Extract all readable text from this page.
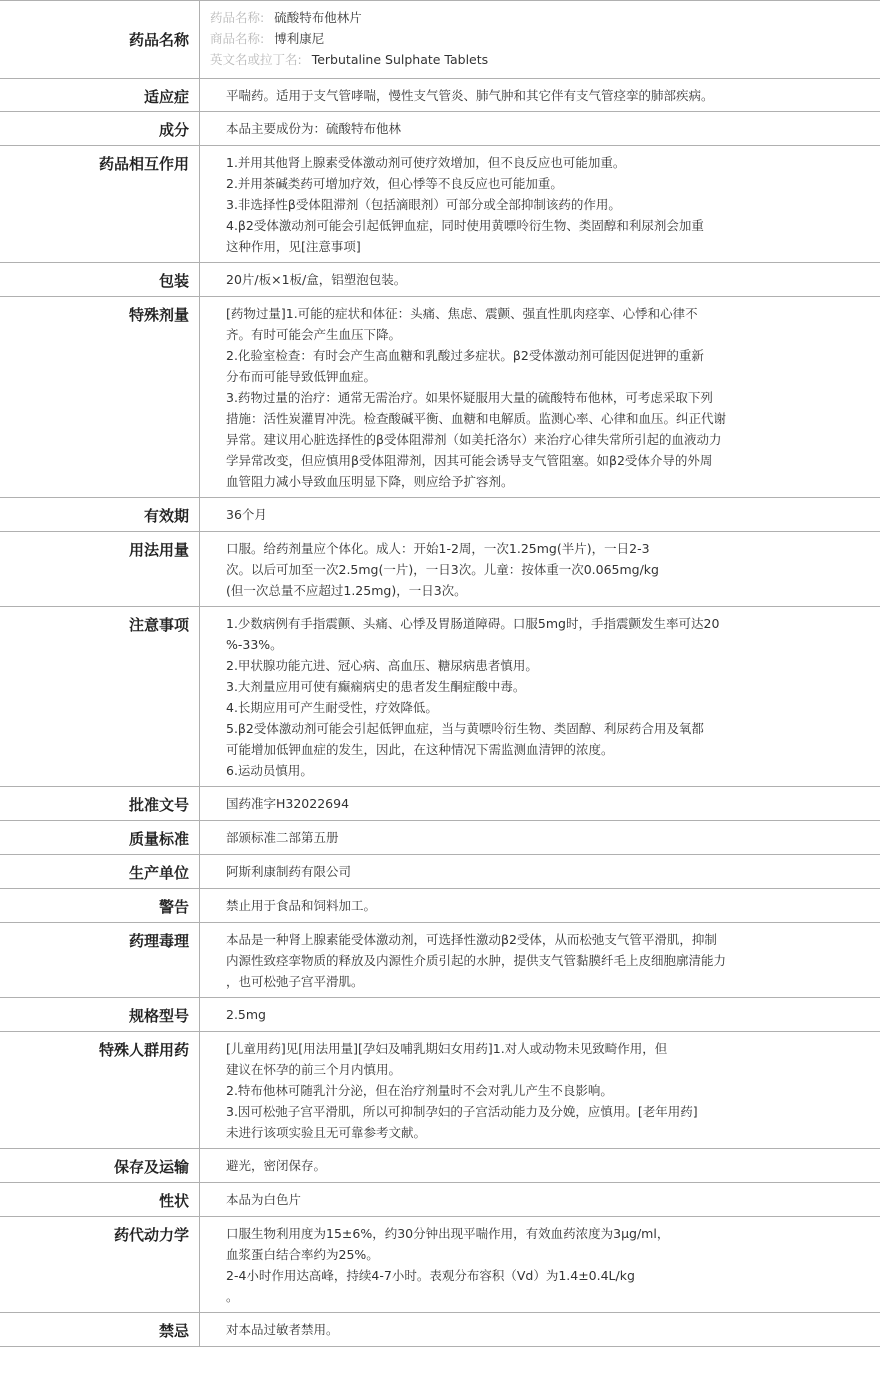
药品名称
药品名称: 硫酸特布他林片
商品名称: 博利康尼
英文名或拉丁名: Terbutaline Sulphate Tablets
适应症	平喘药。适用于支气管哮喘，慢性支气管炎、肺气肿和其它伴有支气管痉挛的肺部疾病。
成分	本品主要成份为：硫酸特布他林
药品相互作用	1.并用其他肾上腺素受体激动剂可使疗效增加，但不良反应也可能加重。
2.并用茶碱类药可增加疗效，但心悸等不良反应也可能加重。
3.非选择性β受体阻滞剂（包括滴眼剂）可部分或全部抑制该药的作用。
4.β2受体激动剂可能会引起低钾血症，同时使用黄嘌呤衍生物、类固醇和利尿剂会加重
这种作用，见[注意事项]
包装	20片/板×1板/盒，铝塑泡包装。
特殊剂量	[药物过量]1.可能的症状和体征：头痛、焦虑、震颤、强直性肌肉痉挛、心悸和心律不
齐。有时可能会产生血压下降。
2.化验室检查：有时会产生高血糖和乳酸过多症状。β2受体激动剂可能因促进钾的重新
分布而可能导致低钾血症。
3.药物过量的治疗：通常无需治疗。如果怀疑服用大量的硫酸特布他林，可考虑采取下列
措施：活性炭灌胃冲洗。检查酸碱平衡、血糖和电解质。监测心率、心律和血压。纠正代谢
异常。建议用心脏选择性的β受体阻滞剂（如美托洛尔）来治疗心律失常所引起的血液动力
学异常改变，但应慎用β受体阻滞剂，因其可能会诱导支气管阻塞。如β2受体介导的外周
血管阻力减小导致血压明显下降，则应给予扩容剂。
有效期	36个月
用法用量	口服。给药剂量应个体化。成人：开始1-2周，一次1.25mg(半片)，一日2-3
次。以后可加至一次2.5mg(一片)，一日3次。儿童：按体重一次0.065mg/kg
(但一次总量不应超过1.25mg)，一日3次。
注意事项	1.少数病例有手指震颤、头痛、心悸及胃肠道障碍。口服5mg时，手指震颤发生率可达20
%-33%。
2.甲状腺功能亢进、冠心病、高血压、糖尿病患者慎用。
3.大剂量应用可使有癫痫病史的患者发生酮症酸中毒。
4.长期应用可产生耐受性，疗效降低。
5.β2受体激动剂可能会引起低钾血症，当与黄嘌呤衍生物、类固醇、利尿药合用及氧都
可能增加低钾血症的发生，因此，在这种情况下需监测血清钾的浓度。
6.运动员慎用。
批准文号	国药准字H32022694
质量标准	部颁标准二部第五册
生产单位	阿斯利康制药有限公司
警告	禁止用于食品和饲料加工。
药理毒理	本品是一种肾上腺素能受体激动剂，可选择性激动β2受体，从而松弛支气管平滑肌，抑制
内源性致痉挛物质的释放及内源性介质引起的水肿，提供支气管黏膜纤毛上皮细胞廓清能力
，也可松弛子宫平滑肌。
规格型号	2.5mg
特殊人群用药	[儿童用药]见[用法用量][孕妇及哺乳期妇女用药]1.对人或动物未见致畸作用，但
建议在怀孕的前三个月内慎用。
2.特布他林可随乳汁分泌，但在治疗剂量时不会对乳儿产生不良影响。
3.因可松弛子宫平滑肌，所以可抑制孕妇的子宫活动能力及分娩，应慎用。[老年用药]
未进行该项实验且无可靠参考文献。
保存及运输	避光，密闭保存。
性状	本品为白色片
药代动力学	口服生物利用度为15±6%，约30分钟出现平喘作用，有效血药浓度为3μg/ml，
血浆蛋白结合率约为25%。
2-4小时作用达高峰，持续4-7小时。表观分布容积（Vd）为1.4±0.4L/kg
。
禁忌	对本品过敏者禁用。
